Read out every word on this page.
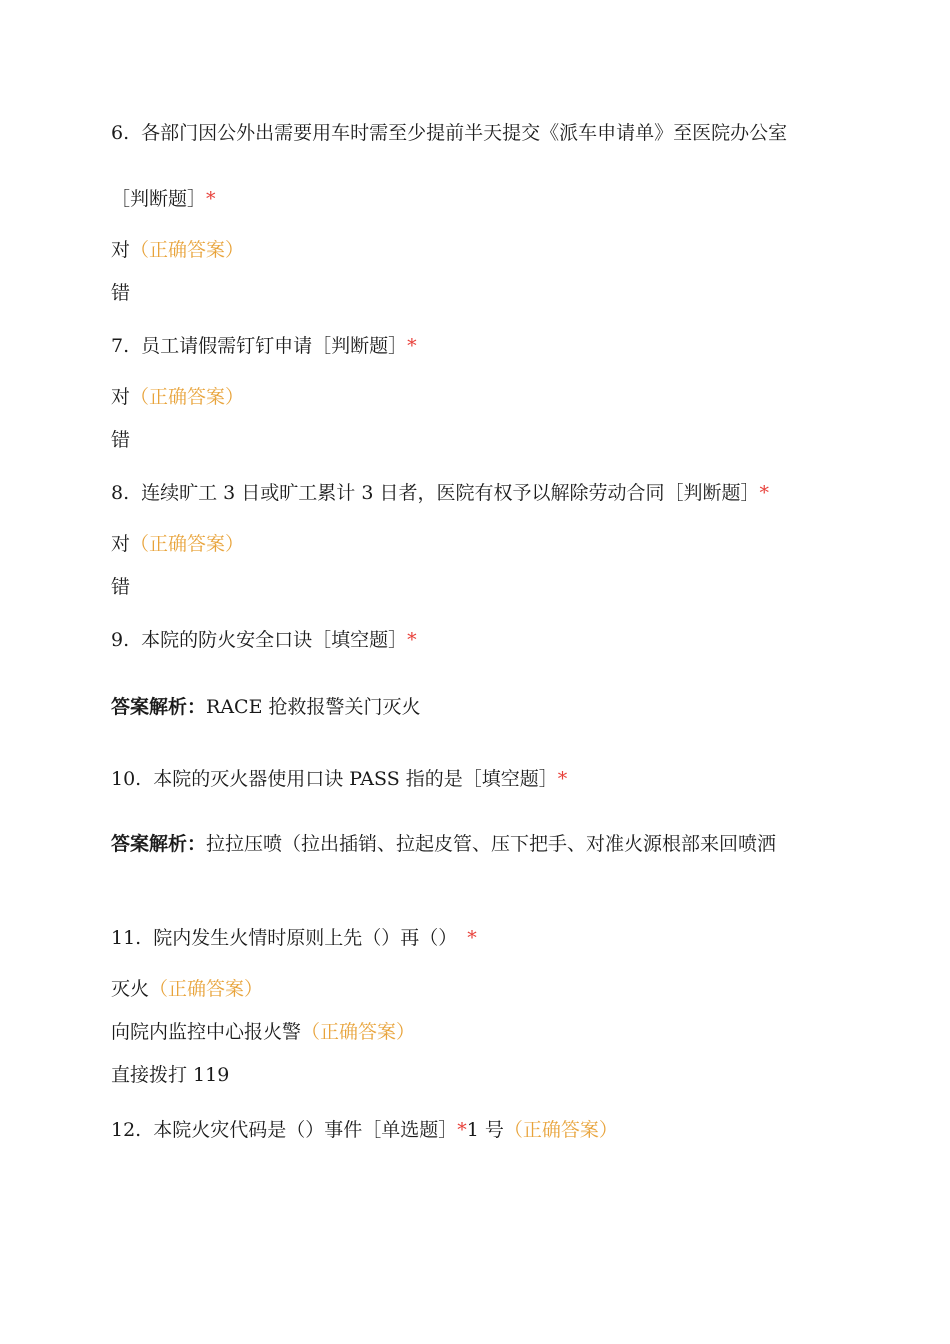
6. 各部门因公外出需要用车时需至少提前半天提交《派车申请单》至医院办公室
［判断题］*
对（正确答案）
错
7. 员工请假需钉钉申请［判断题］*
对（正确答案）
错
8. 连续旷工 3 日或旷工累计 3 日者，医院有权予以解除劳动合同［判断题］*
对（正确答案）
错
9. 本院的防火安全口诀［填空题］*
答案解析：RACE 抢救报警关门灭火
10. 本院的灭火器使用口诀 PASS 指的是［填空题］*
答案解析：拉拉压喷（拉出插销、拉起皮管、压下把手、对准火源根部来回喷洒
11. 院内发生火情时原则上先（）再（） *
灭火（正确答案）
向院内监控中心报火警（正确答案）
直接拨打 119
12. 本院火灾代码是（）事件［单选题］*1 号（正确答案）
